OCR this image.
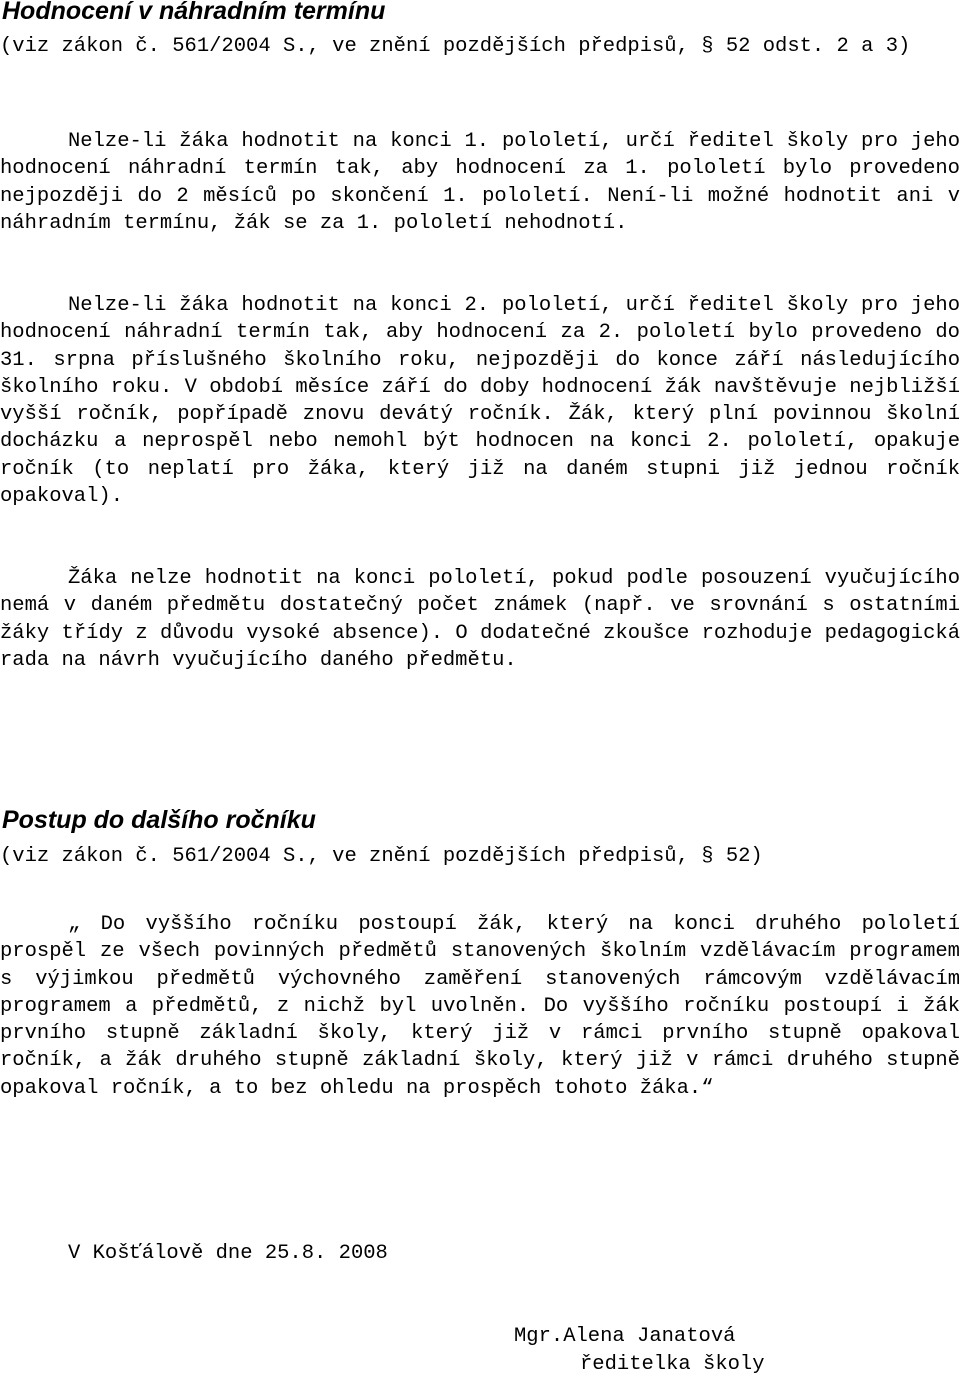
Hodnocení v náhradním termínu

(viz zákon č. 561/2004 S., ve znění pozdějších předpisů, § 52 odst. 2 a 3)

Nelze-li žáka hodnotit na konci 1. pololetí, určí ředitel školy pro jeho hodnocení náhradní termín tak, aby hodnocení za 1. pololetí bylo provedeno nejpozději do 2 měsíců po skončení 1. pololetí. Není-li možné hodnotit ani v náhradním termínu, žák se za 1. pololetí nehodnotí.

Nelze-li žáka hodnotit na konci 2. pololetí, určí ředitel školy pro jeho hodnocení náhradní termín tak, aby hodnocení za 2. pololetí bylo provedeno do 31. srpna příslušného školního roku, nejpozději do konce září následujícího školního roku. V období měsíce září do doby hodnocení žák navštěvuje nejbližší vyšší ročník, popřípadě znovu devátý ročník. Žák, který plní povinnou školní docházku a neprospěl nebo nemohl být hodnocen na konci 2. pololetí, opakuje ročník (to neplatí pro žáka, který již na daném stupni již jednou ročník opakoval).

Žáka nelze hodnotit na konci pololetí, pokud podle posouzení vyučujícího nemá v daném předmětu dostatečný počet známek (např. ve srovnání s ostatními žáky třídy z důvodu vysoké absence). O dodatečné zkoušce rozhoduje pedagogická rada na návrh vyučujícího daného předmětu.

Postup do dalšího ročníku

(viz zákon č. 561/2004 S., ve znění pozdějších předpisů, § 52)

„ Do vyššího ročníku postoupí žák, který na konci druhého pololetí prospěl ze všech povinných předmětů stanovených školním vzdělávacím programem s výjimkou předmětů výchovného zaměření stanovených rámcovým vzdělávacím programem a předmětů, z nichž byl uvolněn. Do vyššího ročníku postoupí i žák prvního stupně základní školy, který již v rámci prvního stupně opakoval ročník, a žák druhého stupně základní školy, který již v rámci druhého stupně opakoval ročník, a to bez ohledu na prospěch tohoto žáka.“

V Košťálově dne 25.8. 2008

Mgr.Alena Janatová

ředitelka školy
